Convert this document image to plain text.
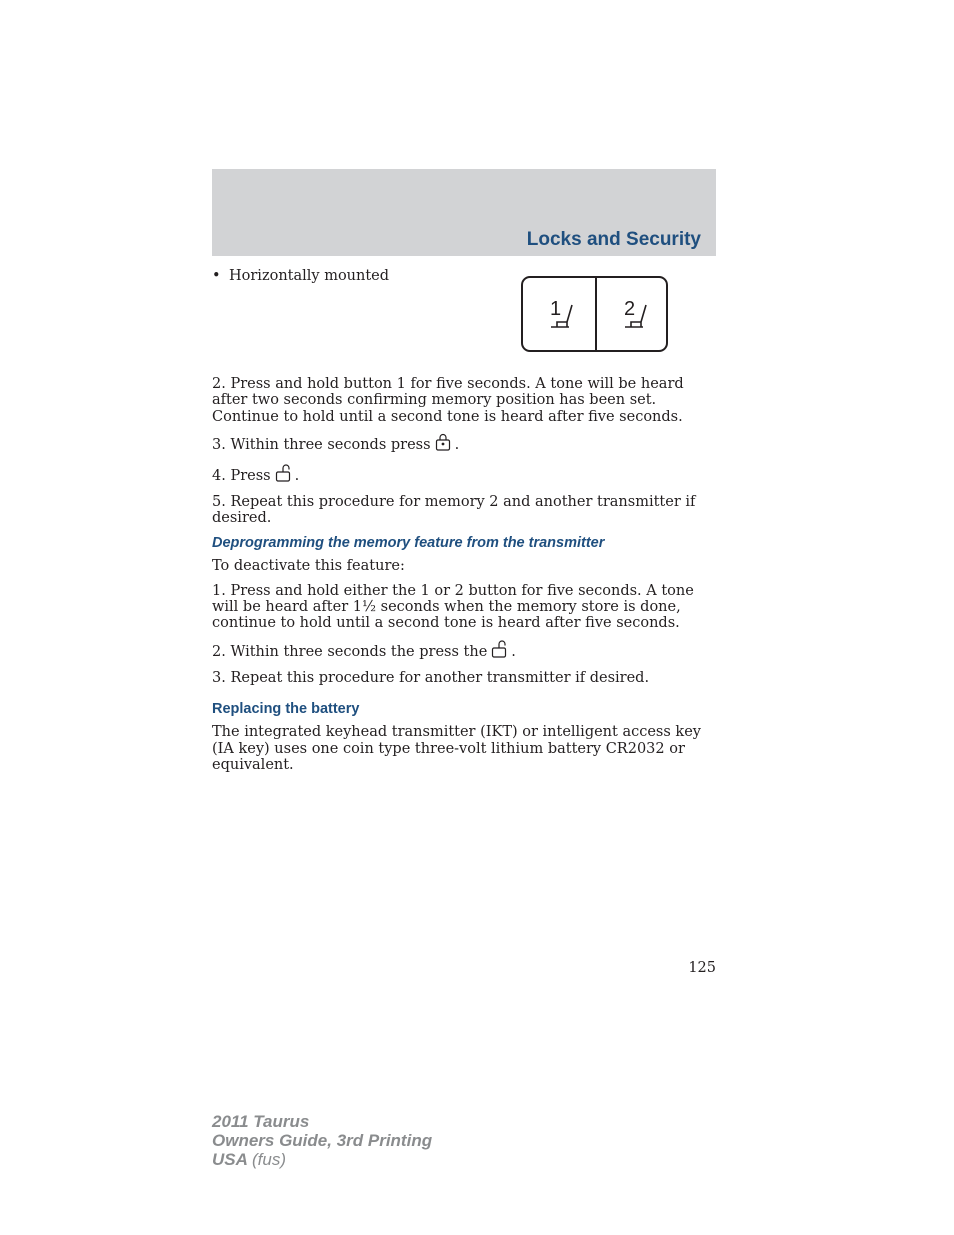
Locks and Security
• Horizontally mounted
1	2

2. Press and hold button 1 for five seconds. A tone will be heard after two seconds confirming memory position has been set. Continue to hold until a second tone is heard after five seconds.

3. Within three seconds press .

4. Press .

5. Repeat this procedure for memory 2 and another transmitter if desired.

Deprogramming the memory feature from the transmitter

To deactivate this feature:

1. Press and hold either the 1 or 2 button for five seconds. A tone will be heard after 1½ seconds when the memory store is done, continue to hold until a second tone is heard after five seconds.

2. Within three seconds the press the .

3. Repeat this procedure for another transmitter if desired.

Replacing the battery

The integrated keyhead transmitter (IKT) or intelligent access key (IA key) uses one coin type three-volt lithium battery CR2032 or equivalent.

125
2011 Taurus
Owners Guide, 3rd Printing
USA (fus)
